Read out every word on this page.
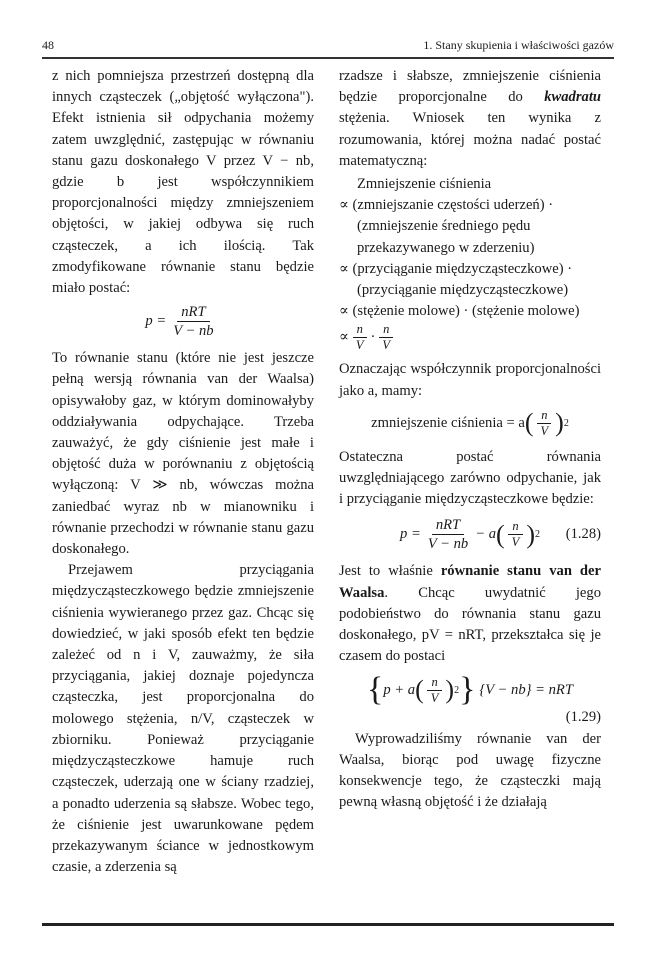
48	1. Stany skupienia i właściwości gazów

z nich pomniejsza przestrzeń dostępną dla innych cząsteczek („objętość wyłączona"). Efekt istnienia sił odpychania możemy zatem uwzględnić, zastępując w równaniu stanu gazu doskonałego V przez V − nb, gdzie b jest współczynnikiem proporcjonalności między zmniejszeniem objętości, w jakiej odbywa się ruch cząsteczek, a ich ilością. Tak zmodyfikowane równanie stanu będzie miało postać:

$p = \frac{\text{nRT}}{V - nb}$

To równanie stanu (które nie jest jeszcze pełną wersją równania van der Waalsa) opisywałoby gaz, w którym dominowałyby oddziaływania odpychające. Trzeba zauważyć, że gdy ciśnienie jest małe i objętość duża w porównaniu z objętością wyłączoną: V ≫ nb, wówczas można zaniedbać wyraz nb w mianowniku i równanie przechodzi w równanie stanu gazu doskonałego.

Przejawem przyciągania międzycząsteczkowego będzie zmniejszenie ciśnienia wywieranego przez gaz. Chcąc się dowiedzieć, w jaki sposób efekt ten będzie zależeć od n i V, zauważmy, że siła przyciągania, jakiej doznaje pojedyncza cząsteczka, jest proporcjonalna do molowego stężenia, n/V, cząsteczek w zbiorniku. Ponieważ przyciąganie międzycząsteczkowe hamuje ruch cząsteczek, uderzają one w ściany rzadziej, a ponadto uderzenia są słabsze. Wobec tego, że ciśnienie jest uwarunkowane pędem przekazywanym ściance w jednostkowym czasie, a zderzenia są

rzadsze i słabsze, zmniejszenie ciśnienia będzie proporcjonalne do kwadratu stężenia. Wniosek ten wynika z rozumowania, której można nadać postać matematyczną:

Zmniejszenie ciśnienia
∝ (zmniejszanie częstości uderzeń) ·
(zmniejszenie średniego pędu przekazywanego w zderzeniu)
∝ (przyciąganie międzycząsteczkowe) ·
(przyciąganie międzycząsteczkowe)
∝ (stężenie molowe) · (stężenie molowe)
∝ $\frac{n}{V} \cdot \frac{n}{V}$

Oznaczając współczynnik proporcjonalności jako a, mamy:

zmniejszenie ciśnienia = a ( $\frac{n}{V}$ ) 2

Ostateczna postać równania uwzględniającego zarówno odpychanie, jak i przyciąganie międzycząsteczkowe będzie:

$p = \frac{\text{nRT}}{V - nb} - a$ ( $\frac{n}{V}$ ) 2 (1.28)

Jest to właśnie równanie stanu van der Waalsa. Chcąc uwydatnić jego podobieństwo do równania stanu gazu doskonałego, pV = nRT, przekształca się je czasem do postaci

{ p + a ( $\frac{n}{V}$ ) 2 } {V − nb} = nRT
(1.29)

Wyprowadziliśmy równanie van der Waalsa, biorąc pod uwagę fizyczne konsekwencje tego, że cząsteczki mają pewną własną objętość i że działają
